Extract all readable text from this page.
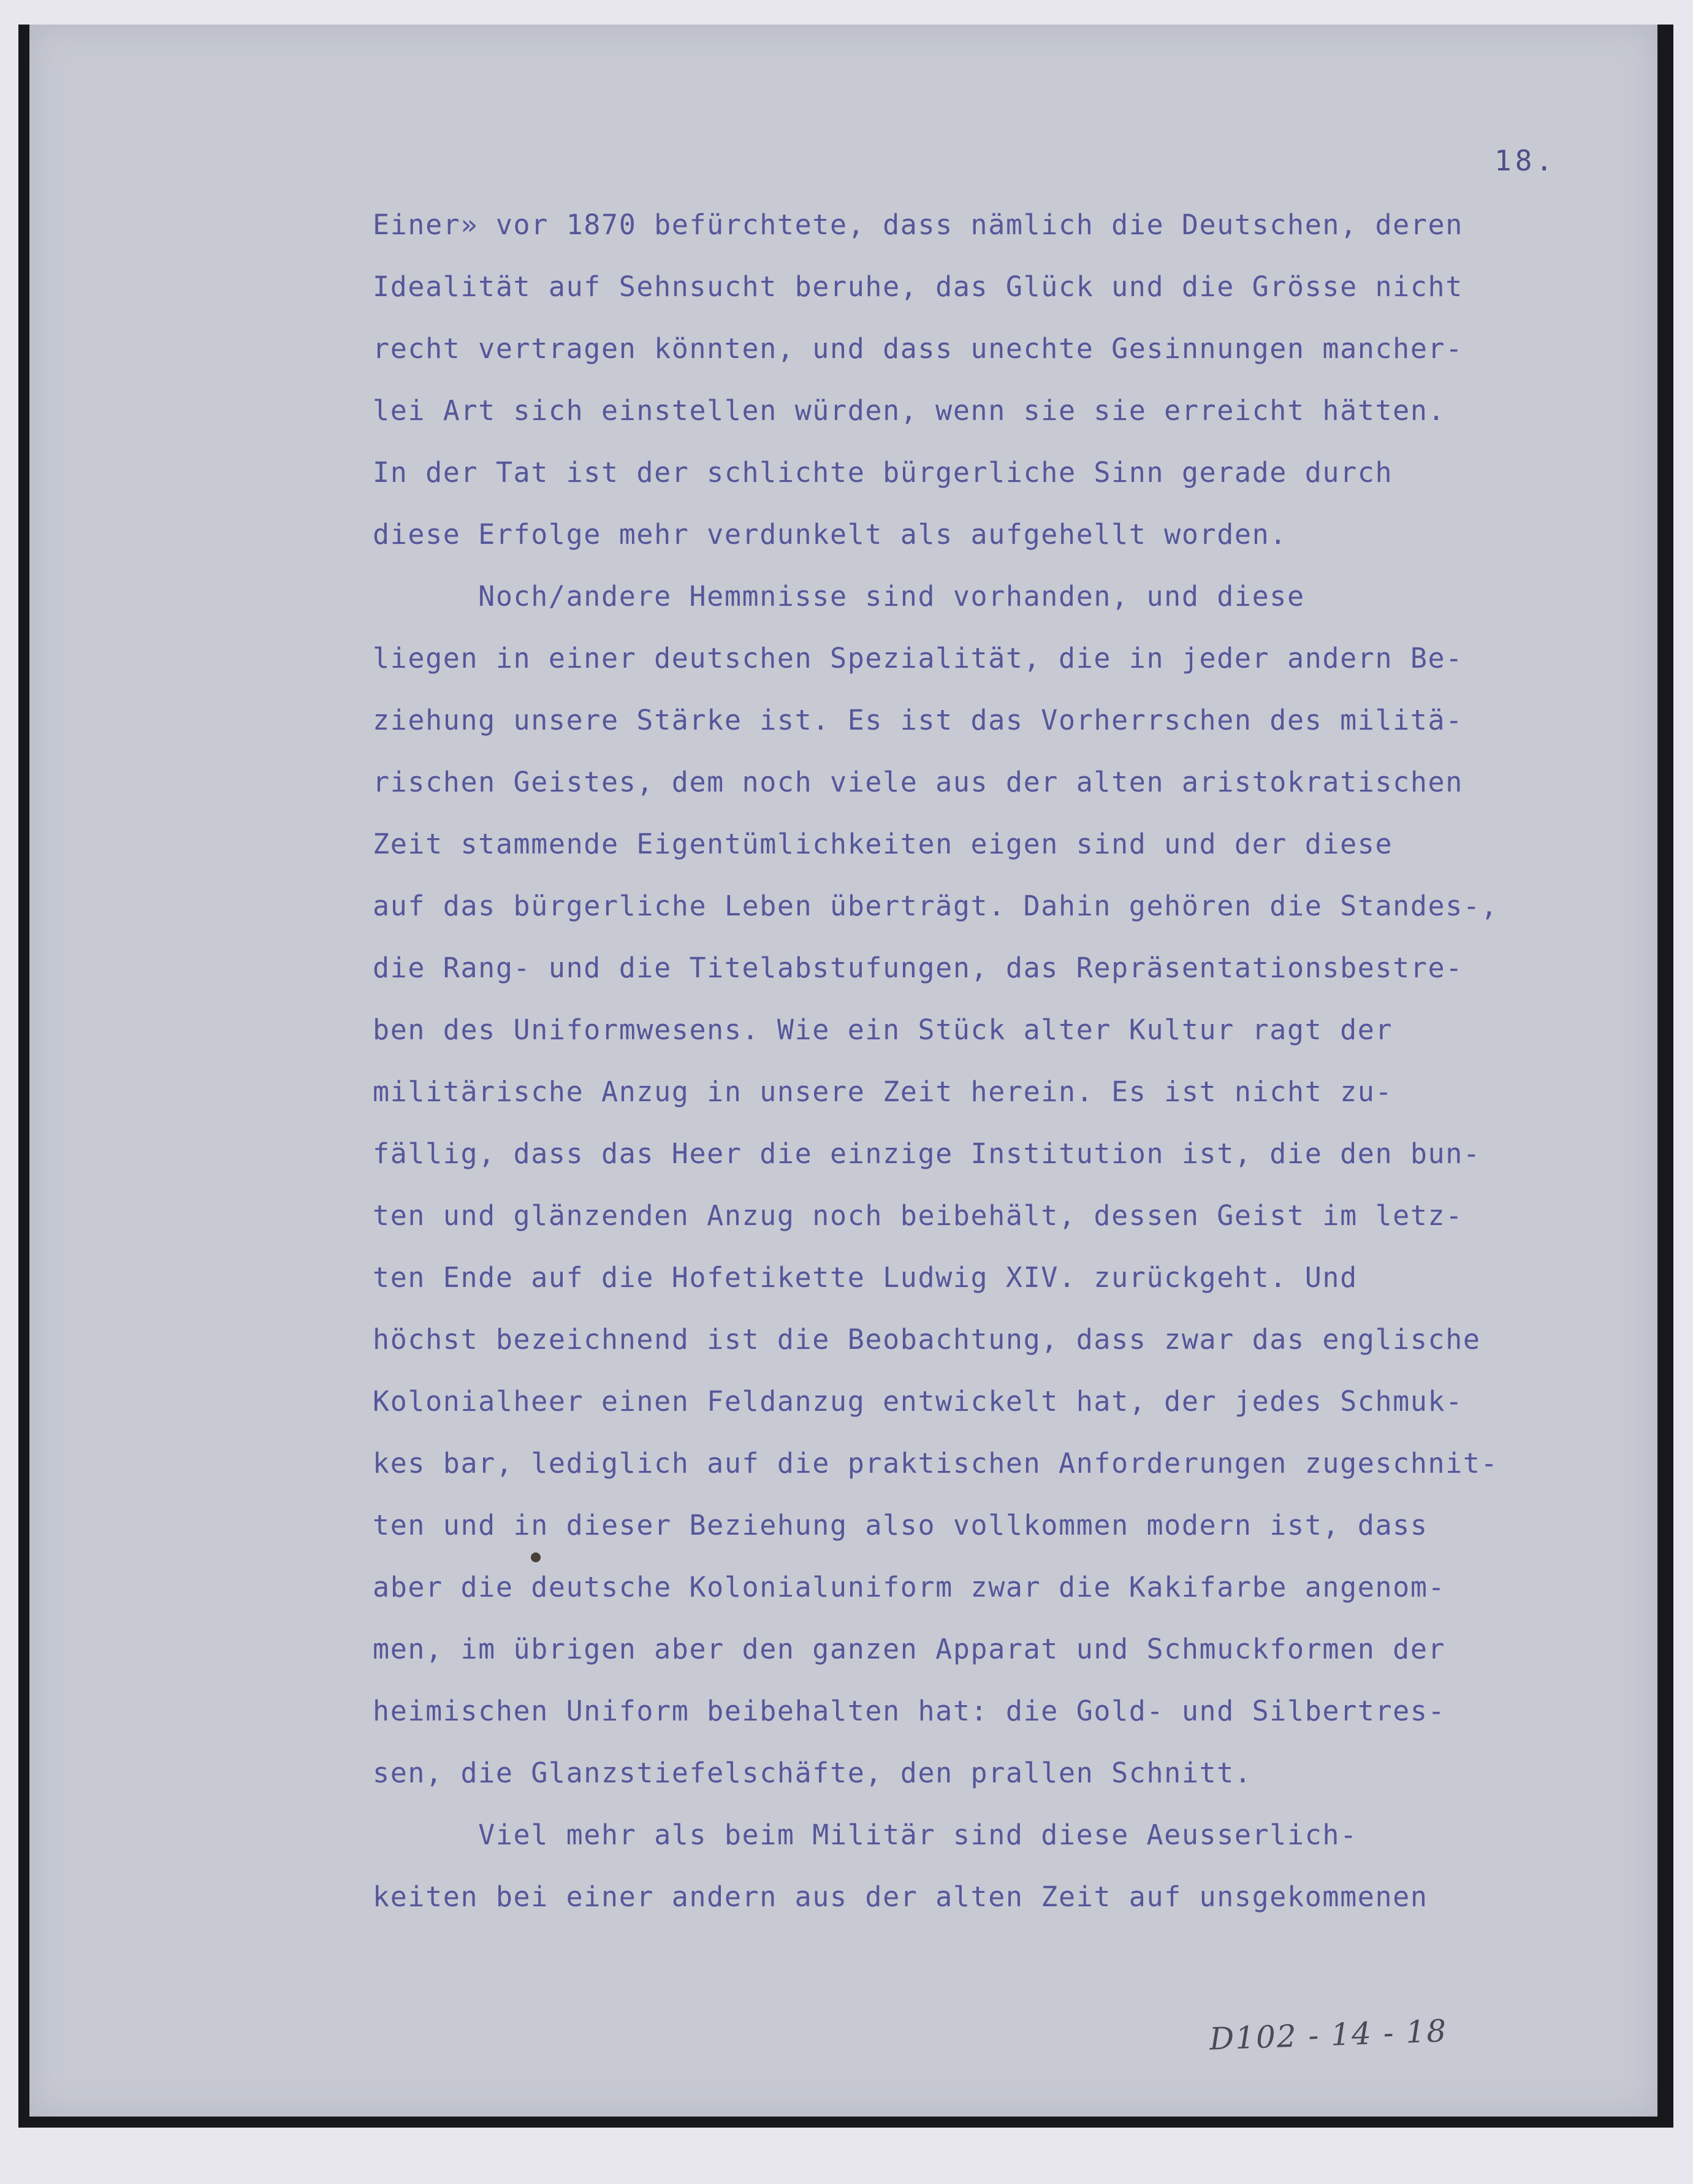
18.
Einer» vor 1870 befürchtete, dass nämlich die Deutschen, deren
Idealität auf Sehnsucht beruhe, das Glück und die Grösse nicht
recht vertragen könnten, und dass unechte Gesinnungen mancher-
lei Art sich einstellen würden, wenn sie sie erreicht hätten.
In der Tat ist der schlichte bürgerliche Sinn gerade durch
diese Erfolge mehr verdunkelt als aufgehellt worden.
Noch/andere Hemmnisse sind vorhanden, und diese
liegen in einer deutschen Spezialität, die in jeder andern Be-
ziehung unsere Stärke ist. Es ist das Vorherrschen des militä-
rischen Geistes, dem noch viele aus der alten aristokratischen
Zeit stammende Eigentümlichkeiten eigen sind und der diese
auf das bürgerliche Leben überträgt. Dahin gehören die Standes-,
die Rang- und die Titelabstufungen, das Repräsentationsbestre-
ben des Uniformwesens. Wie ein Stück alter Kultur ragt der
militärische Anzug in unsere Zeit herein. Es ist nicht zu-
fällig, dass das Heer die einzige Institution ist, die den bun-
ten und glänzenden Anzug noch beibehält, dessen Geist im letz-
ten Ende auf die Hofetikette Ludwig XIV. zurückgeht. Und
höchst bezeichnend ist die Beobachtung, dass zwar das englische
Kolonialheer einen Feldanzug entwickelt hat, der jedes Schmuk-
kes bar, lediglich auf die praktischen Anforderungen zugeschnit-
ten und in dieser Beziehung also vollkommen modern ist, dass
aber die deutsche Kolonialuniform zwar die Kakifarbe angenom-
men, im übrigen aber den ganzen Apparat und Schmuckformen der
heimischen Uniform beibehalten hat: die Gold- und Silbertres-
sen, die Glanzstiefelschäfte, den prallen Schnitt.
Viel mehr als beim Militär sind diese Aeusserlich-
keiten bei einer andern aus der alten Zeit auf unsgekommenen
D102 - 14 - 18
